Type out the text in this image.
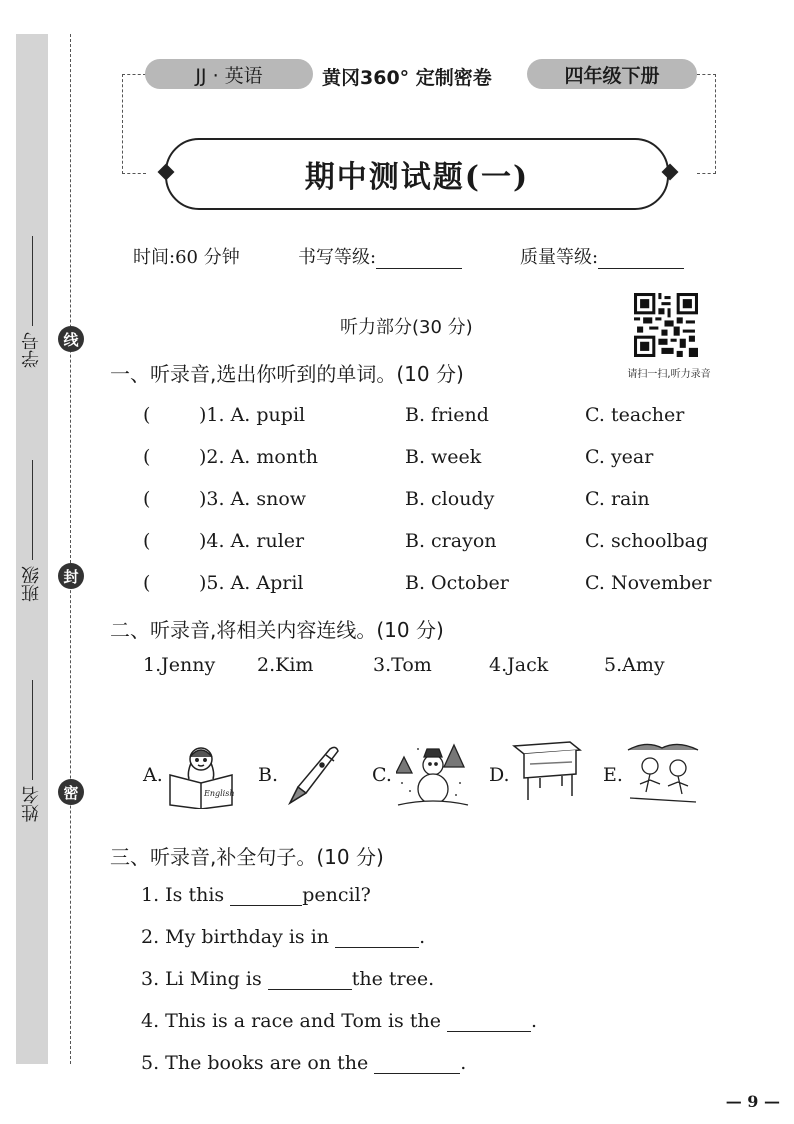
学号
班级
姓名
线
封
密
JJ · 英语	黄冈360° 定制密卷	四年级下册
期中测试题(一)
时间:60 分钟	书写等级:	质量等级:
听力部分(30 分)
请扫一扫,听力录音
一、听录音,选出你听到的单词。(10 分)
(	)1. A. pupil	B. friend	C. teacher
(	)2. A. month	B. week	C. year
(	)3. A. snow	B. cloudy	C. rain
(	)4. A. ruler	B. crayon	C. schoolbag
(	)5. A. April	B. October	C. November
二、听录音,将相关内容连线。(10 分)
1.Jenny 2.Kim	3.Tom	4.Jack	5.Amy
A.
English
B.	C.	D.	E.
三、听录音,补全句子。(10 分)
1. Is this	pencil?
2. My birthday is in	.
3. Li Ming is	the tree.
4. This is a race and Tom is the	.
5. The books are on the	.
— 9 —
